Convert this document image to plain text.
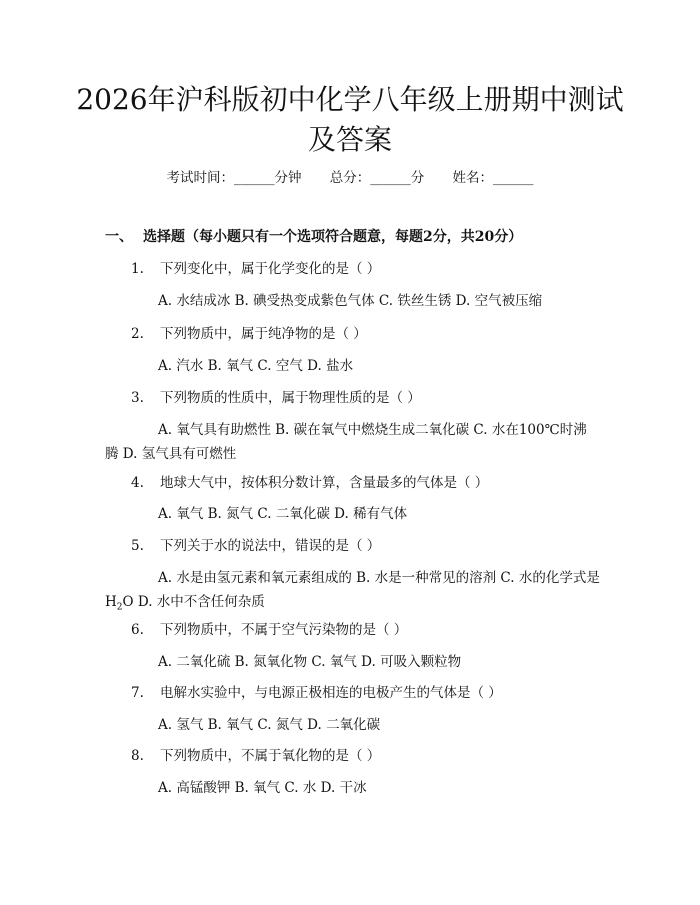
2026年沪科版初中化学八年级上册期中测试
及答案
考试时间：______分钟 总分：______分 姓名：______
一、 选择题（每小题只有一个选项符合题意，每题2分，共20分）
1. 下列变化中，属于化学变化的是（ ）
A. 水结成冰 B. 碘受热变成紫色气体 C. 铁丝生锈 D. 空气被压缩
2. 下列物质中，属于纯净物的是（ ）
A. 汽水 B. 氧气 C. 空气 D. 盐水
3. 下列物质的性质中，属于物理性质的是（ ）
A. 氧气具有助燃性 B. 碳在氧气中燃烧生成二氧化碳 C. 水在100℃时沸腾 D. 氢气具有可燃性
4. 地球大气中，按体积分数计算，含量最多的气体是（ ）
A. 氧气 B. 氮气 C. 二氧化碳 D. 稀有气体
5. 下列关于水的说法中，错误的是（ ）
A. 水是由氢元素和氧元素组成的 B. 水是一种常见的溶剂 C. 水的化学式是$H_2O$ D. 水中不含任何杂质
6. 下列物质中，不属于空气污染物的是（ ）
A. 二氧化硫 B. 氮氧化物 C. 氧气 D. 可吸入颗粒物
7. 电解水实验中，与电源正极相连的电极产生的气体是（ ）
A. 氢气 B. 氧气 C. 氮气 D. 二氧化碳
8. 下列物质中，不属于氧化物的是（ ）
A. 高锰酸钾 B. 氧气 C. 水 D. 干冰
